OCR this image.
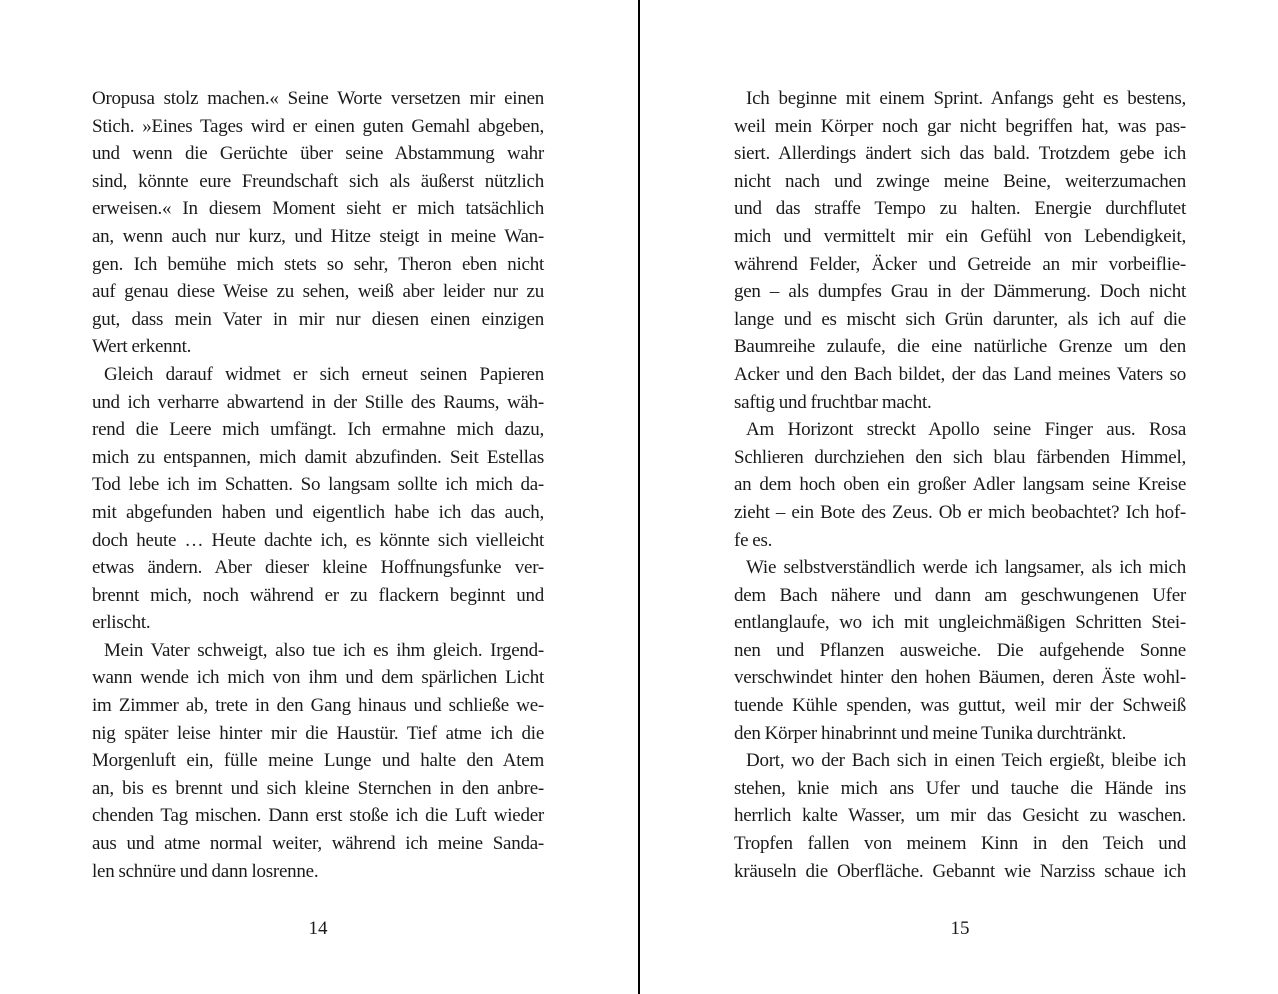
Oropusa stolz machen.« Seine Worte versetzen mir einen
Stich. »Eines Tages wird er einen guten Gemahl abgeben,
und wenn die Gerüchte über seine Abstammung wahr
sind, könnte eure Freundschaft sich als äußerst nützlich
erweisen.« In diesem Moment sieht er mich tatsächlich
an, wenn auch nur kurz, und Hitze steigt in meine Wan-
gen. Ich bemühe mich stets so sehr, Theron eben nicht
auf genau diese Weise zu sehen, weiß aber leider nur zu
gut, dass mein Vater in mir nur diesen einen einzigen
Wert erkennt.
Gleich darauf widmet er sich erneut seinen Papieren
und ich verharre abwartend in der Stille des Raums, wäh-
rend die Leere mich umfängt. Ich ermahne mich dazu,
mich zu entspannen, mich damit abzufinden. Seit Estellas
Tod lebe ich im Schatten. So langsam sollte ich mich da-
mit abgefunden haben und eigentlich habe ich das auch,
doch heute … Heute dachte ich, es könnte sich vielleicht
etwas ändern. Aber dieser kleine Hoffnungsfunke ver-
brennt mich, noch während er zu flackern beginnt und
erlischt.
Mein Vater schweigt, also tue ich es ihm gleich. Irgend-
wann wende ich mich von ihm und dem spärlichen Licht
im Zimmer ab, trete in den Gang hinaus und schließe we-
nig später leise hinter mir die Haustür. Tief atme ich die
Morgenluft ein, fülle meine Lunge und halte den Atem
an, bis es brennt und sich kleine Sternchen in den anbre-
chenden Tag mischen. Dann erst stoße ich die Luft wieder
aus und atme normal weiter, während ich meine Sanda-
len schnüre und dann losrenne.
14
Ich beginne mit einem Sprint. Anfangs geht es bestens,
weil mein Körper noch gar nicht begriffen hat, was pas-
siert. Allerdings ändert sich das bald. Trotzdem gebe ich
nicht nach und zwinge meine Beine, weiterzumachen
und das straffe Tempo zu halten. Energie durchflutet
mich und vermittelt mir ein Gefühl von Lebendigkeit,
während Felder, Äcker und Getreide an mir vorbeiflie-
gen – als dumpfes Grau in der Dämmerung. Doch nicht
lange und es mischt sich Grün darunter, als ich auf die
Baumreihe zulaufe, die eine natürliche Grenze um den
Acker und den Bach bildet, der das Land meines Vaters so
saftig und fruchtbar macht.
Am Horizont streckt Apollo seine Finger aus. Rosa
Schlieren durchziehen den sich blau färbenden Himmel,
an dem hoch oben ein großer Adler langsam seine Kreise
zieht – ein Bote des Zeus. Ob er mich beobachtet? Ich hof-
fe es.
Wie selbstverständlich werde ich langsamer, als ich mich
dem Bach nähere und dann am geschwungenen Ufer
entlanglaufe, wo ich mit ungleichmäßigen Schritten Stei-
nen und Pflanzen ausweiche. Die aufgehende Sonne
verschwindet hinter den hohen Bäumen, deren Äste wohl-
tuende Kühle spenden, was guttut, weil mir der Schweiß
den Körper hinabrinnt und meine Tunika durchtränkt.
Dort, wo der Bach sich in einen Teich ergießt, bleibe ich
stehen, knie mich ans Ufer und tauche die Hände ins
herrlich kalte Wasser, um mir das Gesicht zu waschen.
Tropfen fallen von meinem Kinn in den Teich und
kräuseln die Oberfläche. Gebannt wie Narziss schaue ich
15
